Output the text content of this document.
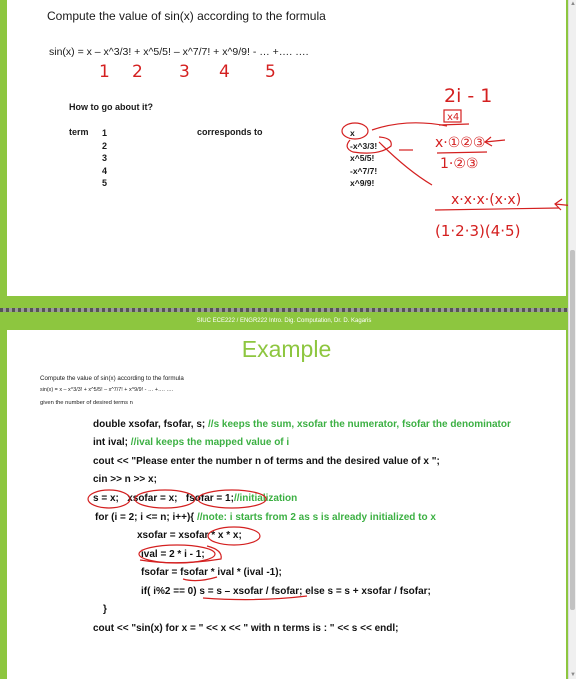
Compute the value of sin(x) according to the formula
sin(x) = x – x^3/3! + x^5/5! – x^7/7! + x^9/9! - … +…. ….
How to go about it?
term	corresponds to
1
2
3
4
5
x
-x^3/3!
x^5/5!
-x^7/7!
x^9/9!
1 2 3 4 5
2i - 1
x4
x·①②③
1·②③
x·x·x·(x·x)
(1·2·3)(4·5)
SIUC ECE222 / ENGR222 Intro. Dig. Computation, Dr. D. Kagaris
Example
Compute the value of sin(x) according to the formula
sin(x) = x – x^3/3! + x^5/5! – x^7/7! + x^9/9! - … +…. ….
given the number of desired terms n
double xsofar, fsofar, s; //s keeps the sum, xsofar the numerator, fsofar the denominator
int ival; //ival keeps the mapped value of i
cout << "Please enter the number n of terms and the desired value of x ";
cin >> n >> x;
s = x; xsofar = x; fsofar = 1;//initialization
for (i = 2; i <= n; i++){ //note: i starts from 2 as s is already initialized to x
xsofar = xsofar * x * x;
ival = 2 * i - 1;
fsofar = fsofar * ival * (ival -1);
if( i%2 == 0) s = s – xsofar / fsofar; else s = s + xsofar / fsofar;
}
cout << "sin(x) for x = " << x << " with n terms is : " << s << endl;
▲
▼
